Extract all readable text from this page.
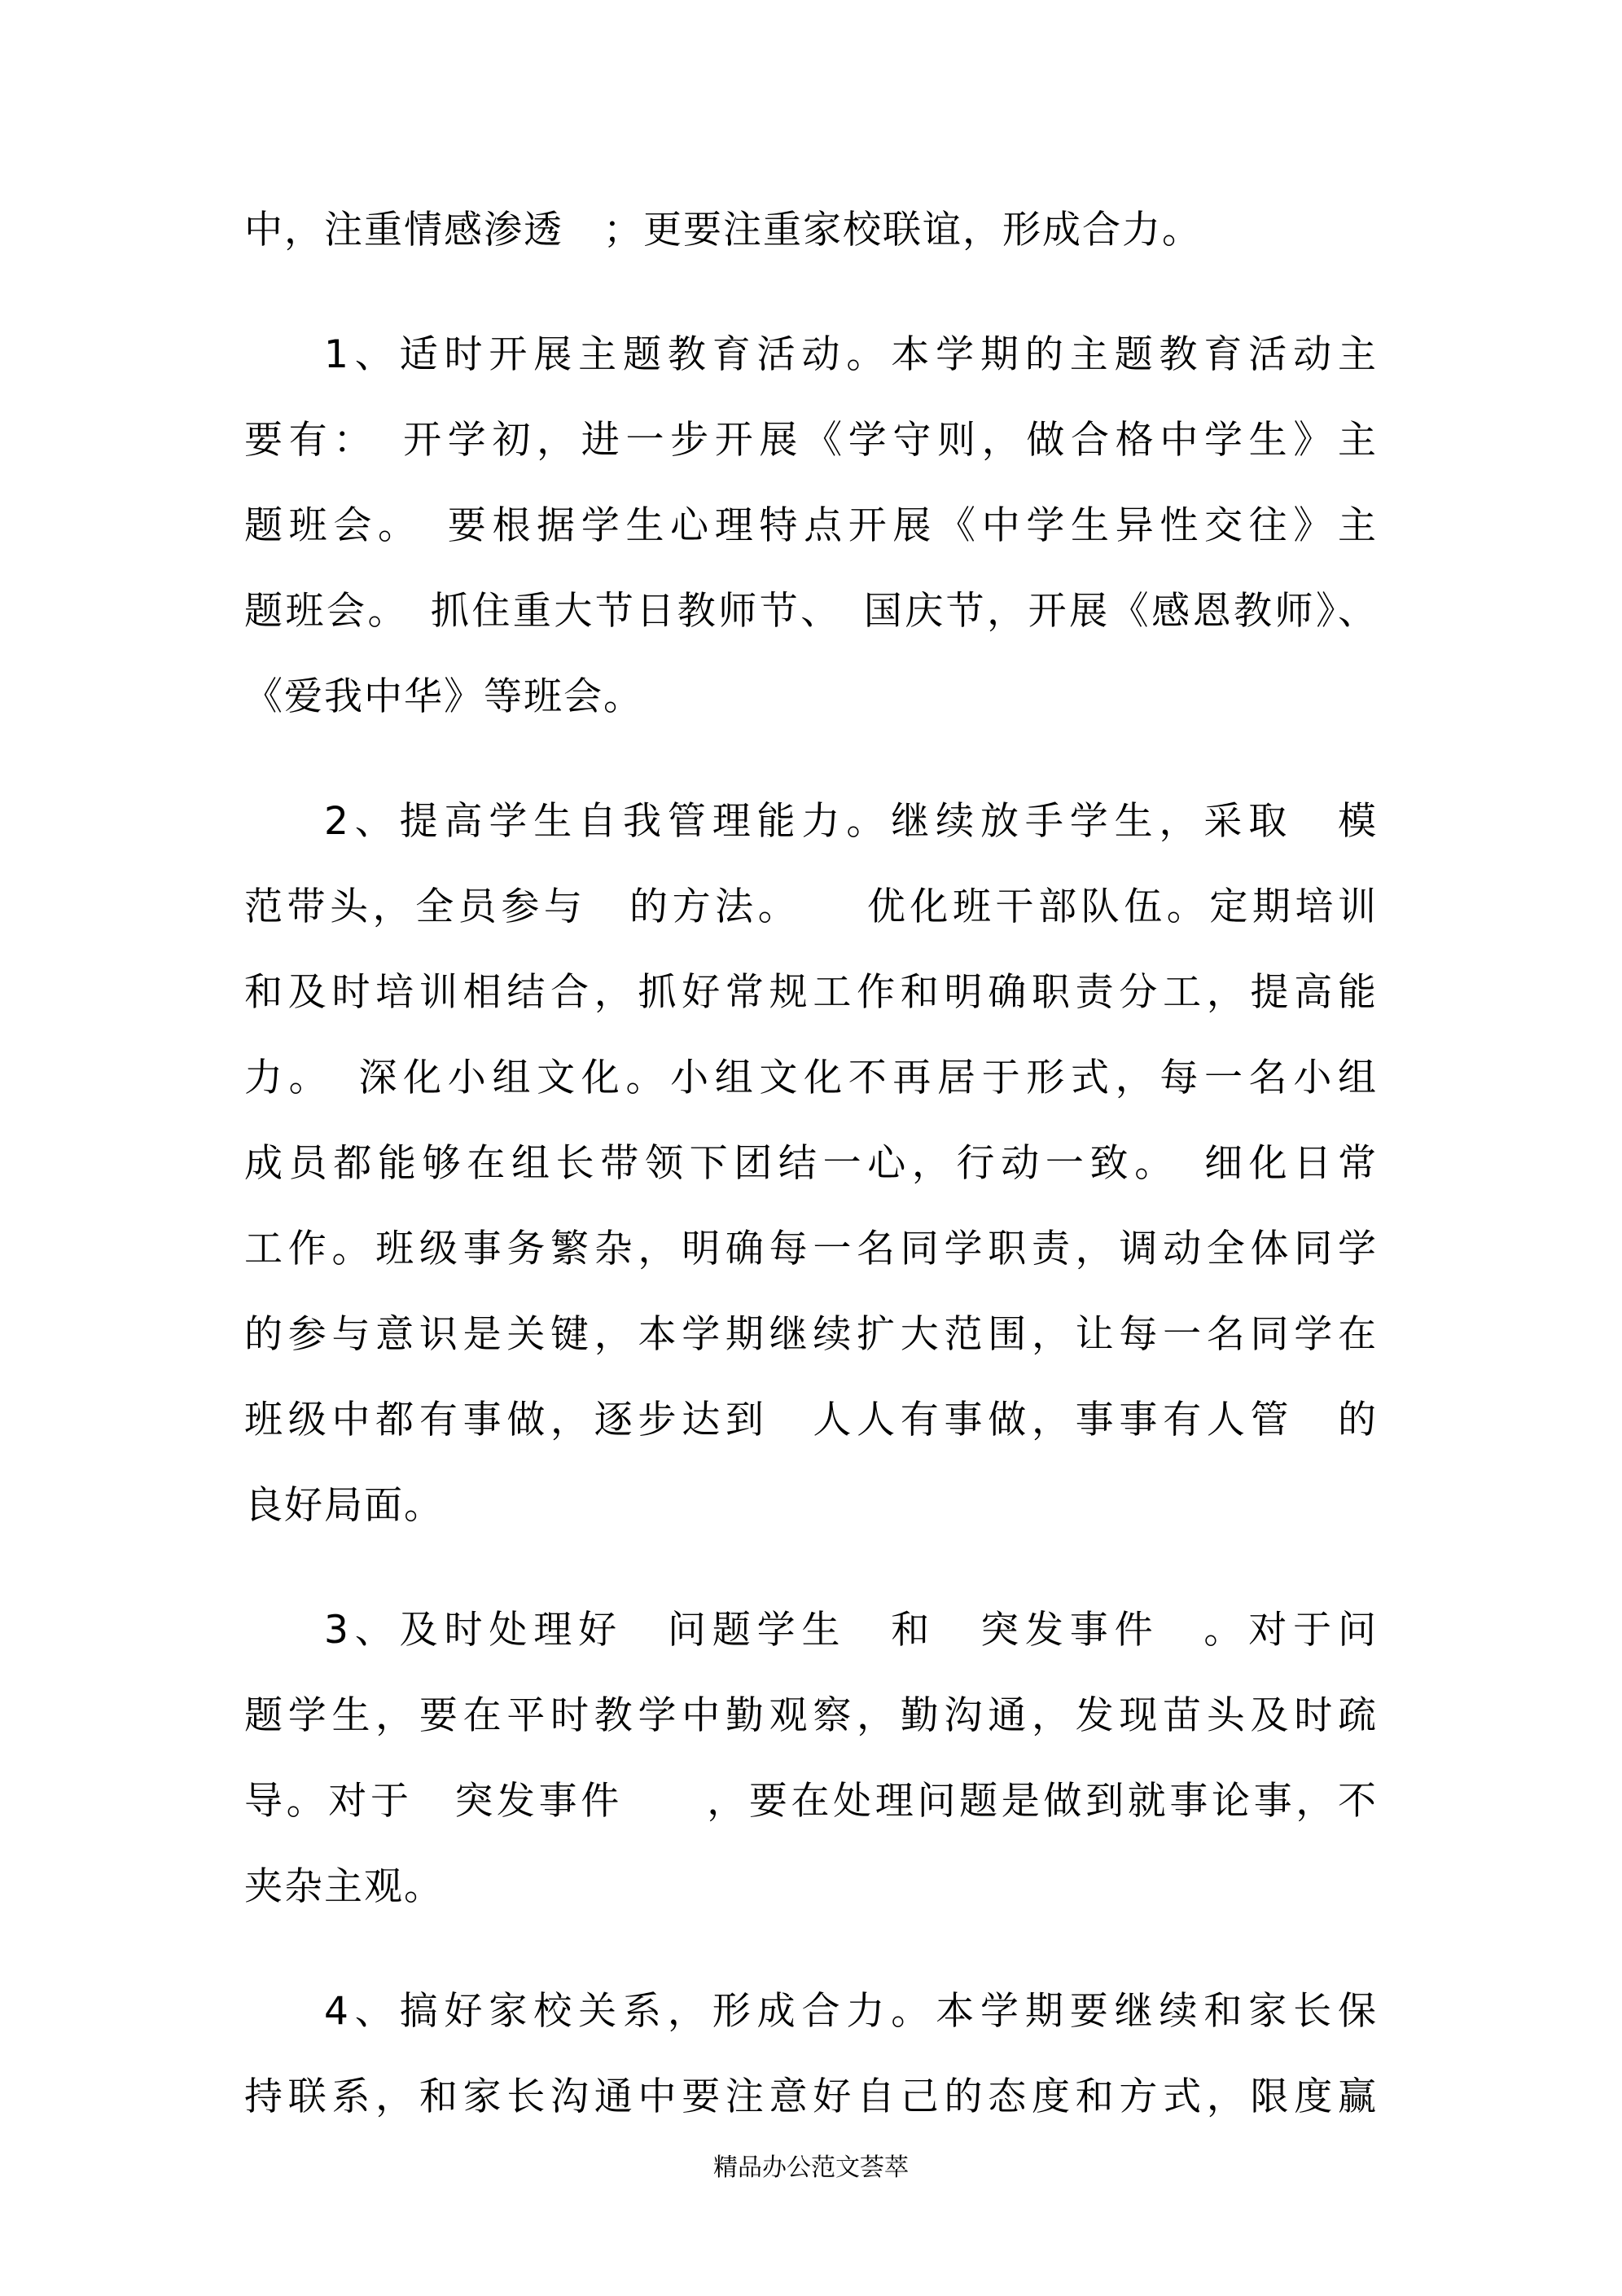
中，注重情感渗透　；更要注重家校联谊，形成合力。
1、适时开展主题教育活动。本学期的主题教育活动主
要有：　开学初，进一步开展《学守则，做合格中学生》主
题班会。　要根据学生心理特点开展《中学生异性交往》主
题班会。　抓住重大节日教师节、　国庆节，开展《感恩教师》、
《爱我中华》等班会。
2、提高学生自我管理能力。继续放手学生，采取　模
范带头，全员参与　的方法。　　优化班干部队伍。定期培训
和及时培训相结合，抓好常规工作和明确职责分工，提高能
力。　深化小组文化。小组文化不再居于形式，每一名小组
成员都能够在组长带领下团结一心，行动一致。　细化日常
工作。班级事务繁杂，明确每一名同学职责，调动全体同学
的参与意识是关键，本学期继续扩大范围，让每一名同学在
班级中都有事做，逐步达到　人人有事做，事事有人管　的
良好局面。
3、及时处理好　问题学生　和　突发事件　。对于问
题学生，要在平时教学中勤观察，勤沟通，发现苗头及时疏
导。对于　突发事件　　，要在处理问题是做到就事论事，不
夹杂主观。
4、搞好家校关系，形成合力。本学期要继续和家长保
持联系，和家长沟通中要注意好自己的态度和方式，限度赢
精品办公范文荟萃
